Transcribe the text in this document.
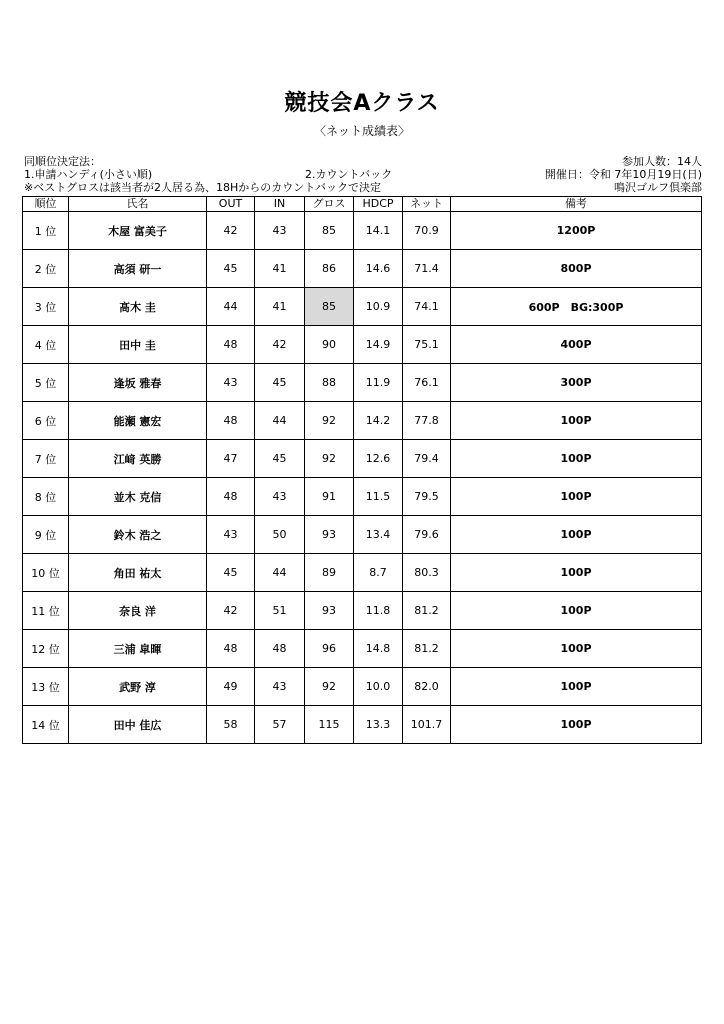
競技会Aクラス
〈ネット成績表〉
同順位決定法：
1.申請ハンディ(小さい順)	2.カウントバック
※ベストグロスは該当者が2人居る為、18Hからのカウントバックで決定
参加人数：14人
開催日：令和 7年10月19日(日)
鳴沢ゴルフ倶楽部
順位	氏名	OUT	IN	グロス	HDCP	ネット	備考
1 位	木屋 富美子	42	43	85	14.1	70.9	1200P
2 位	高須 研一	45	41	86	14.6	71.4	800P
3 位	髙木 圭	44	41	85	10.9	74.1	600P　BG:300P
4 位	田中 圭	48	42	90	14.9	75.1	400P
5 位	逢坂 雅春	43	45	88	11.9	76.1	300P
6 位	能瀬 憲宏	48	44	92	14.2	77.8	100P
7 位	江﨑 英勝	47	45	92	12.6	79.4	100P
8 位	並木 克信	48	43	91	11.5	79.5	100P
9 位	鈴木 浩之	43	50	93	13.4	79.6	100P
10 位	角田 祐太	45	44	89	8.7	80.3	100P
11 位	奈良 洋	42	51	93	11.8	81.2	100P
12 位	三浦 皐暉	48	48	96	14.8	81.2	100P
13 位	武野 淳	49	43	92	10.0	82.0	100P
14 位	田中 佳広	58	57	115	13.3	101.7	100P
